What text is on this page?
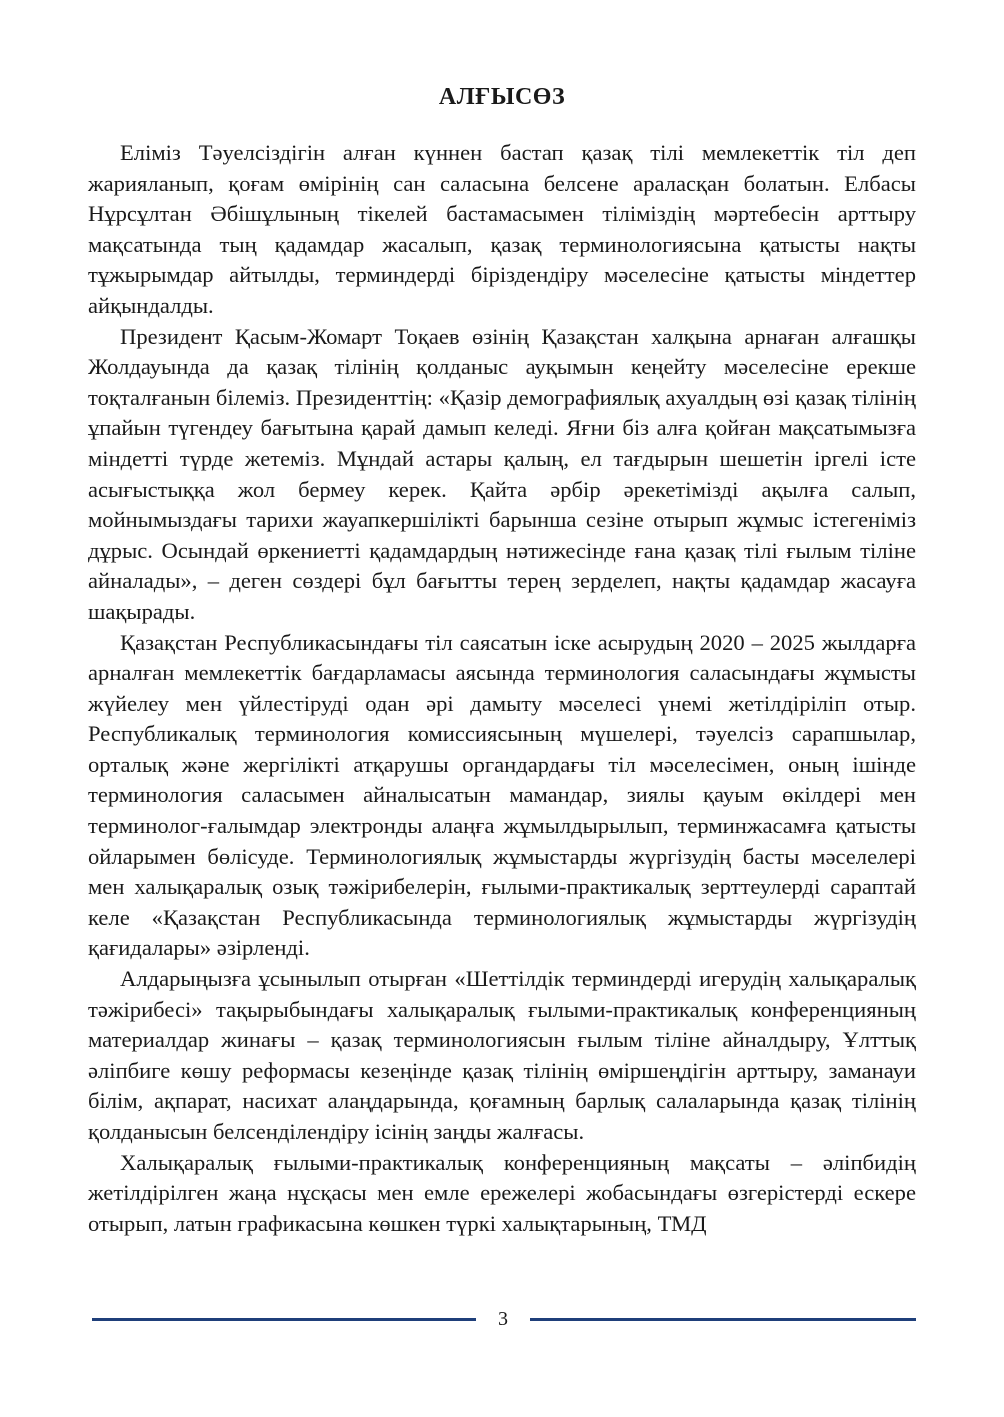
АЛҒЫСӨЗ

Еліміз Тәуелсіздігін алған күннен бастап қазақ тілі мемлекеттік тіл деп жарияланып, қоғам өмірінің сан саласына белсене араласқан болатын. Елбасы Нұрсұлтан Әбішұлының тікелей бастамасымен тіліміздің мәртебесін арттыру мақсатында тың қадамдар жасалып, қазақ терминологиясына қатысты нақты тұжырымдар айтылды, терминдерді біріздендіру мәселесіне қатысты міндеттер айқындалды.

Президент Қасым-Жомарт Тоқаев өзінің Қазақстан халқына арнаған алғашқы Жолдауында да қазақ тілінің қолданыс ауқымын кеңейту мәселесіне ерекше тоқталғанын білеміз. Президенттің: «Қазір демографиялық ахуалдың өзі қазақ тілінің ұпайын түгендеу бағытына қарай дамып келеді. Яғни біз алға қойған мақсатымызға міндетті түрде жетеміз. Мұндай астары қалың, ел тағдырын шешетін іргелі істе асығыстыққа жол бермеу керек. Қайта әрбір әрекетімізді ақылға салып, мойнымыздағы тарихи жауапкершілікті барынша сезіне отырып жұмыс істегеніміз дұрыс. Осындай өркениетті қадамдардың нәтижесінде ғана қазақ тілі ғылым тіліне айналады», – деген сөздері бұл бағытты терең зерделеп, нақты қадамдар жасауға шақырады.

Қазақстан Республикасындағы тіл саясатын іске асырудың 2020 – 2025 жылдарға арналған мемлекеттік бағдарламасы аясында терминология саласындағы жұмысты жүйелеу мен үйлестіруді одан әрі дамыту мәселесі үнемі жетілдіріліп отыр. Республикалық терминология комиссиясының мүшелері, тәуелсіз сарапшылар, орталық және жергілікті атқарушы органдардағы тіл мәселесімен, оның ішінде терминология саласымен айналысатын мамандар, зиялы қауым өкілдері мен терминолог-ғалымдар электронды алаңға жұмылдырылып, терминжасамға қатысты ойларымен бөлісуде. Терминологиялық жұмыстарды жүргізудің басты мәселелері мен халықаралық озық тәжірибелерін, ғылыми-практикалық зерттеулерді сараптай келе «Қазақстан Республикасында терминологиялық жұмыстарды жүргізудің қағидалары» әзірленді.

Алдарыңызға ұсынылып отырған «Шеттілдік терминдерді игерудің халықаралық тәжірибесі» тақырыбындағы халықаралық ғылыми-практикалық конференцияның материалдар жинағы – қазақ терминологиясын ғылым тіліне айналдыру, Ұлттық әліпбиге көшу реформасы кезеңінде қазақ тілінің өміршеңдігін арттыру, заманауи білім, ақпарат, насихат алаңдарында, қоғамның барлық салаларында қазақ тілінің қолданысын белсенділендіру ісінің заңды жалғасы.

Халықаралық ғылыми-практикалық конференцияның мақсаты – әліпбидің жетілдірілген жаңа нұсқасы мен емле ережелері жобасындағы өзгерістерді ескере отырып, латын графикасына көшкен түркі халықтарының, ТМД

3
